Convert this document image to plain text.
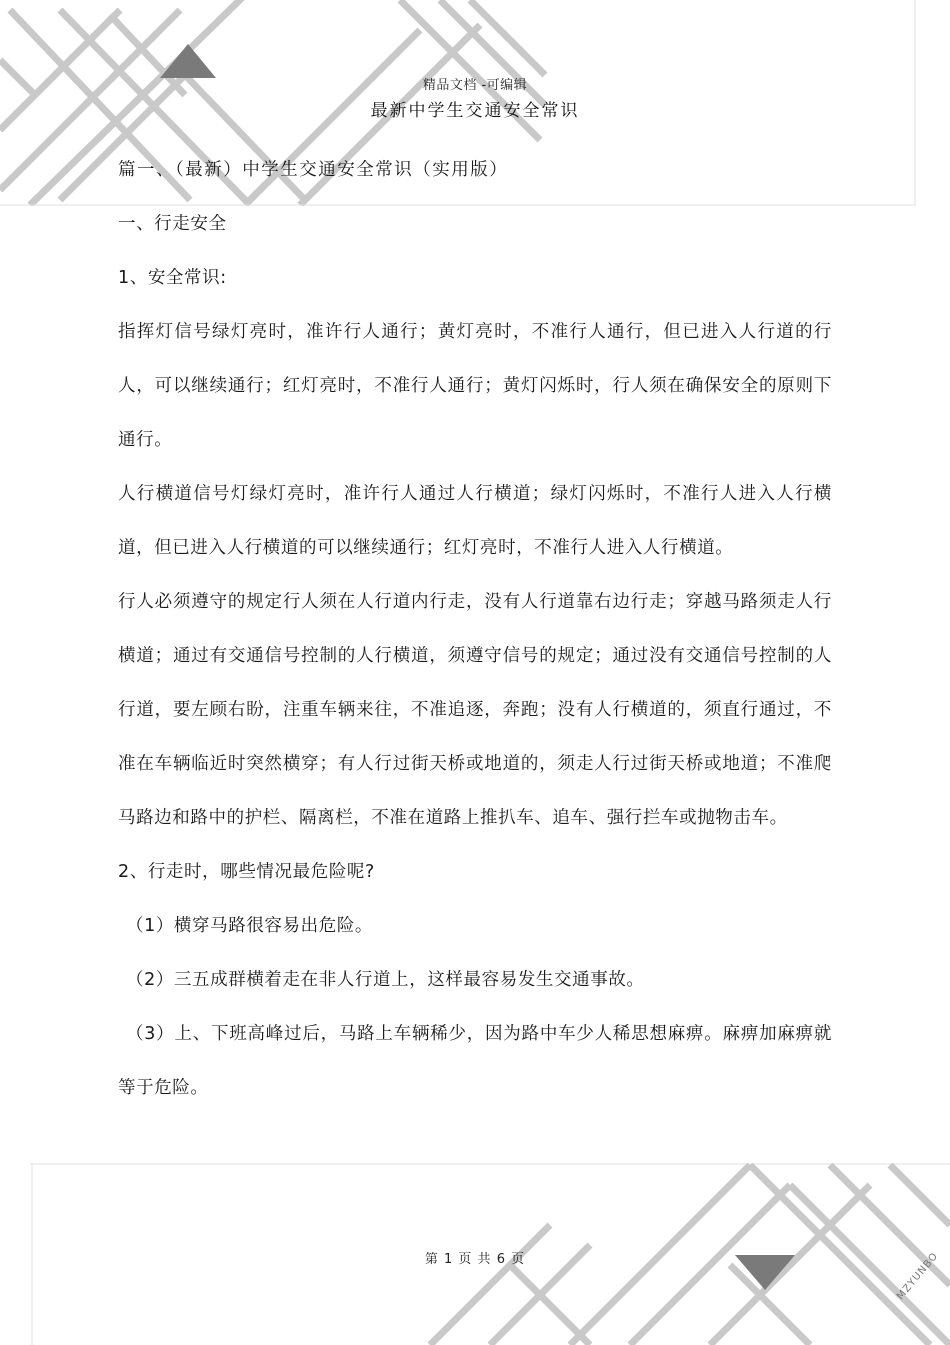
精品文档 -可编辑
最新中学生交通安全常识

篇一、（最新）中学生交通安全常识（实用版）

一、行走安全

1、安全常识:

指挥灯信号绿灯亮时，准许行人通行；黄灯亮时，不准行人通行，但已进入人行道的行人，可以继续通行；红灯亮时，不准行人通行；黄灯闪烁时，行人须在确保安全的原则下通行。

人行横道信号灯绿灯亮时，准许行人通过人行横道；绿灯闪烁时，不准行人进入人行横道，但已进入人行横道的可以继续通行；红灯亮时，不准行人进入人行横道。

行人必须遵守的规定行人须在人行道内行走，没有人行道靠右边行走；穿越马路须走人行横道；通过有交通信号控制的人行横道，须遵守信号的规定；通过没有交通信号控制的人行道，要左顾右盼，注重车辆来往，不准追逐，奔跑；没有人行横道的，须直行通过，不准在车辆临近时突然横穿；有人行过街天桥或地道的，须走人行过街天桥或地道；不准爬马路边和路中的护栏、隔离栏，不准在道路上推扒车、追车、强行拦车或抛物击车。

2、行走时，哪些情况最危险呢?

（1）横穿马路很容易出危险。

（2）三五成群横着走在非人行道上，这样最容易发生交通事故。

（3）上、下班高峰过后，马路上车辆稀少，因为路中车少人稀思想麻痹。麻痹加麻痹就等于危险。

第 1 页 共 6 页	MZYUNBO
